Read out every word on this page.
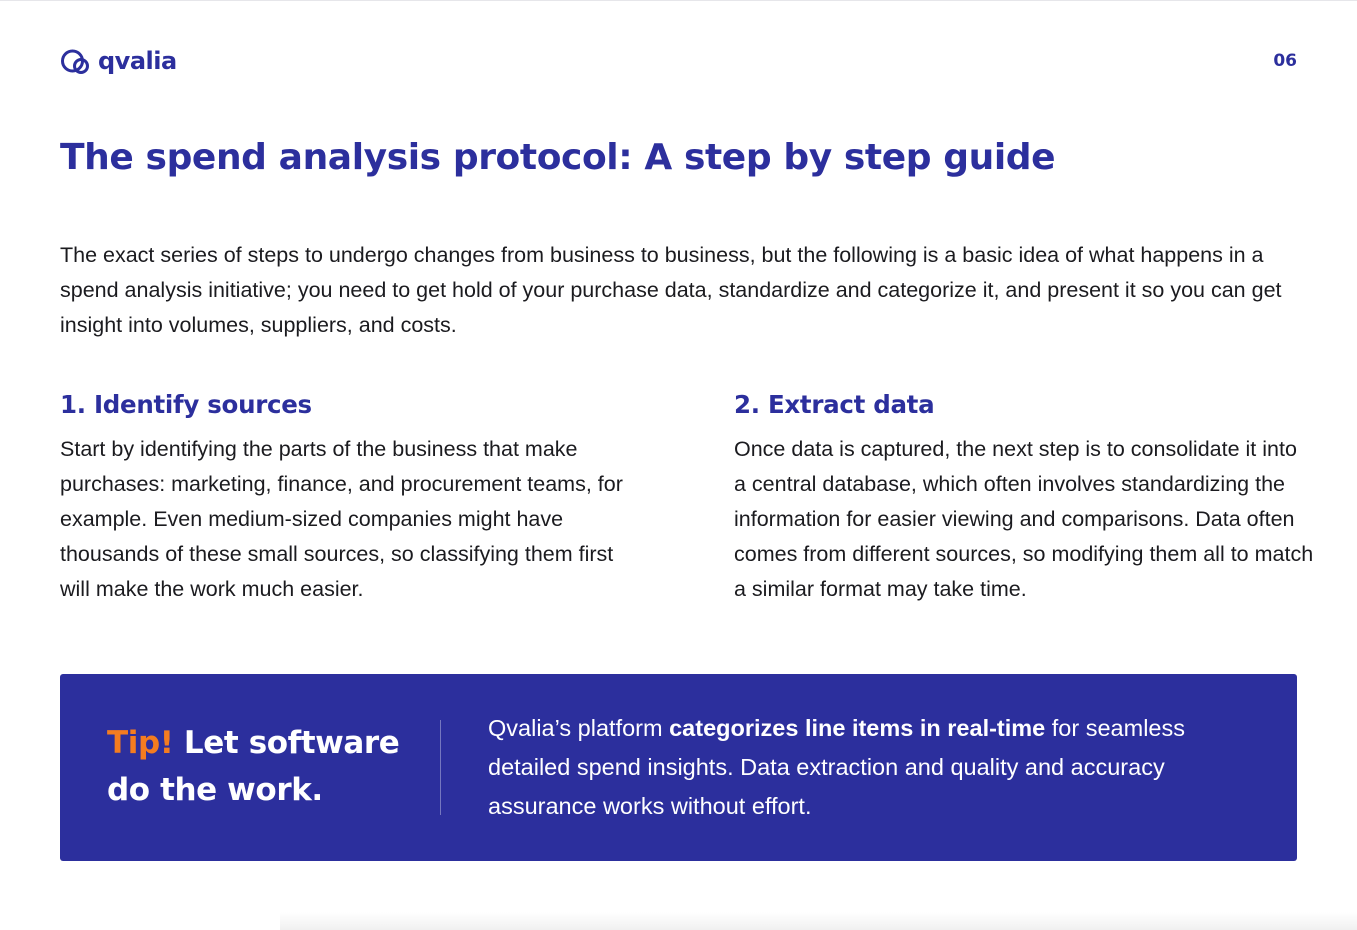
qvalia	06
The spend analysis protocol: A step by step guide

The exact series of steps to undergo changes from business to business, but the following is a basic idea of what happens in a spend analysis initiative; you need to get hold of your purchase data, standardize and categorize it, and present it so you can get insight into volumes, suppliers, and costs.

1. Identify sources

Start by identifying the parts of the business that make purchases: marketing, finance, and procurement teams, for example. Even medium-sized companies might have thousands of these small sources, so classifying them first will make the work much easier.

2. Extract data

Once data is captured, the next step is to consolidate it into a central database, which often involves standardizing the information for easier viewing and comparisons. Data often comes from different sources, so modifying them all to match a similar format may take time.

Tip! Let software do the work.

Qvalia’s platform categorizes line items in real-time for seamless detailed spend insights. Data extraction and quality and accuracy assurance works without effort.
